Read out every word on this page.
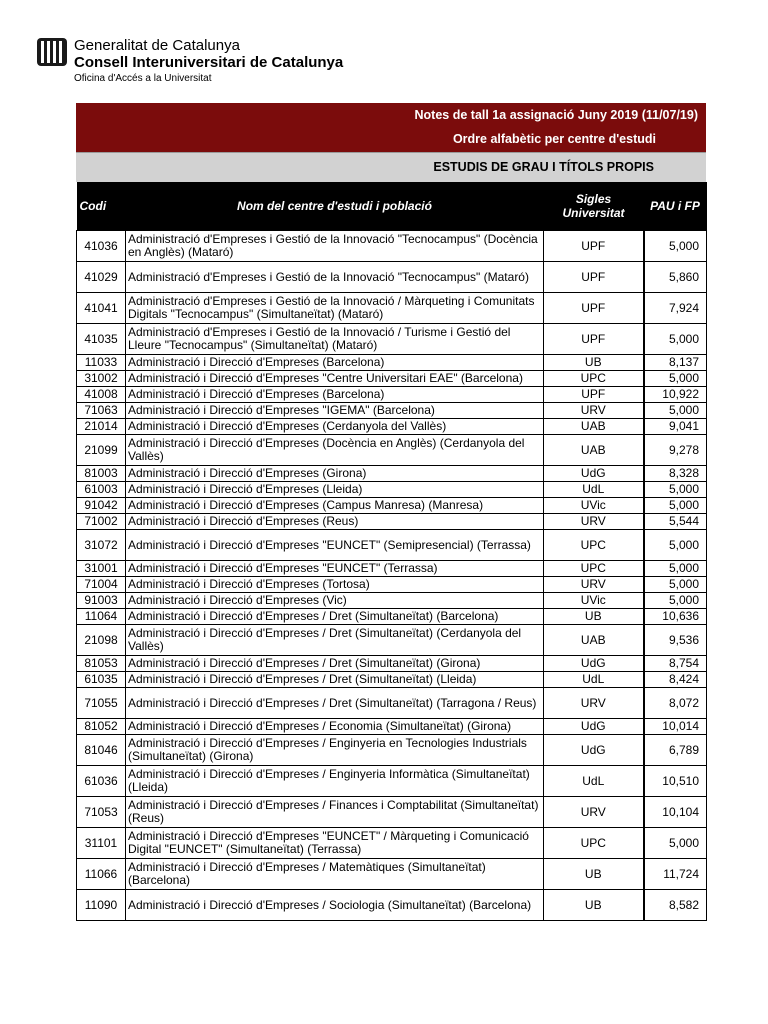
Generalitat de Catalunya
Consell Interuniversitari de Catalunya
Oficina d'Accés a la Universitat
Notes de tall 1a assignació Juny 2019 (11/07/19)
Ordre alfabètic per centre d'estudi
ESTUDIS DE GRAU I TÍTOLS PROPIS
Codi	Nom del centre d'estudi i població	Sigles Universitat	PAU i FP
41036	Administració d'Empreses i Gestió de la Innovació "Tecnocampus" (Docència en Anglès) (Mataró)	UPF	5,000
41029	Administració d'Empreses i Gestió de la Innovació "Tecnocampus" (Mataró)	UPF	5,860
41041	Administració d'Empreses i Gestió de la Innovació / Màrqueting i Comunitats Digitals "Tecnocampus" (Simultaneïtat) (Mataró)	UPF	7,924
41035	Administració d'Empreses i Gestió de la Innovació / Turisme i Gestió del Lleure "Tecnocampus" (Simultaneïtat) (Mataró)	UPF	5,000
11033	Administració i Direcció d'Empreses (Barcelona)	UB	8,137
31002	Administració i Direcció d'Empreses "Centre Universitari EAE" (Barcelona)	UPC	5,000
41008	Administració i Direcció d'Empreses (Barcelona)	UPF	10,922
71063	Administració i Direcció d'Empreses "IGEMA" (Barcelona)	URV	5,000
21014	Administració i Direcció d'Empreses (Cerdanyola del Vallès)	UAB	9,041
21099	Administració i Direcció d'Empreses (Docència en Anglès) (Cerdanyola del Vallès)	UAB	9,278
81003	Administració i Direcció d'Empreses (Girona)	UdG	8,328
61003	Administració i Direcció d'Empreses (Lleida)	UdL	5,000
91042	Administració i Direcció d'Empreses (Campus Manresa) (Manresa)	UVic	5,000
71002	Administració i Direcció d'Empreses (Reus)	URV	5,544
31072	Administració i Direcció d'Empreses "EUNCET" (Semipresencial) (Terrassa)	UPC	5,000
31001	Administració i Direcció d'Empreses "EUNCET" (Terrassa)	UPC	5,000
71004	Administració i Direcció d'Empreses (Tortosa)	URV	5,000
91003	Administració i Direcció d'Empreses (Vic)	UVic	5,000
11064	Administració i Direcció d'Empreses / Dret (Simultaneïtat) (Barcelona)	UB	10,636
21098	Administració i Direcció d'Empreses / Dret (Simultaneïtat) (Cerdanyola del Vallès)	UAB	9,536
81053	Administració i Direcció d'Empreses / Dret (Simultaneïtat) (Girona)	UdG	8,754
61035	Administració i Direcció d'Empreses / Dret (Simultaneïtat) (Lleida)	UdL	8,424
71055	Administració i Direcció d'Empreses / Dret (Simultaneïtat) (Tarragona / Reus)	URV	8,072
81052	Administració i Direcció d'Empreses / Economia (Simultaneïtat) (Girona)	UdG	10,014
81046	Administració i Direcció d'Empreses / Enginyeria en Tecnologies Industrials (Simultaneïtat) (Girona)	UdG	6,789
61036	Administració i Direcció d'Empreses / Enginyeria Informàtica (Simultaneïtat) (Lleida)	UdL	10,510
71053	Administració i Direcció d'Empreses / Finances i Comptabilitat (Simultaneïtat) (Reus)	URV	10,104
31101	Administració i Direcció d'Empreses "EUNCET" / Màrqueting i Comunicació Digital "EUNCET" (Simultaneïtat) (Terrassa)	UPC	5,000
11066	Administració i Direcció d'Empreses / Matemàtiques (Simultaneïtat) (Barcelona)	UB	11,724
11090	Administració i Direcció d'Empreses / Sociologia (Simultaneïtat) (Barcelona)	UB	8,582
